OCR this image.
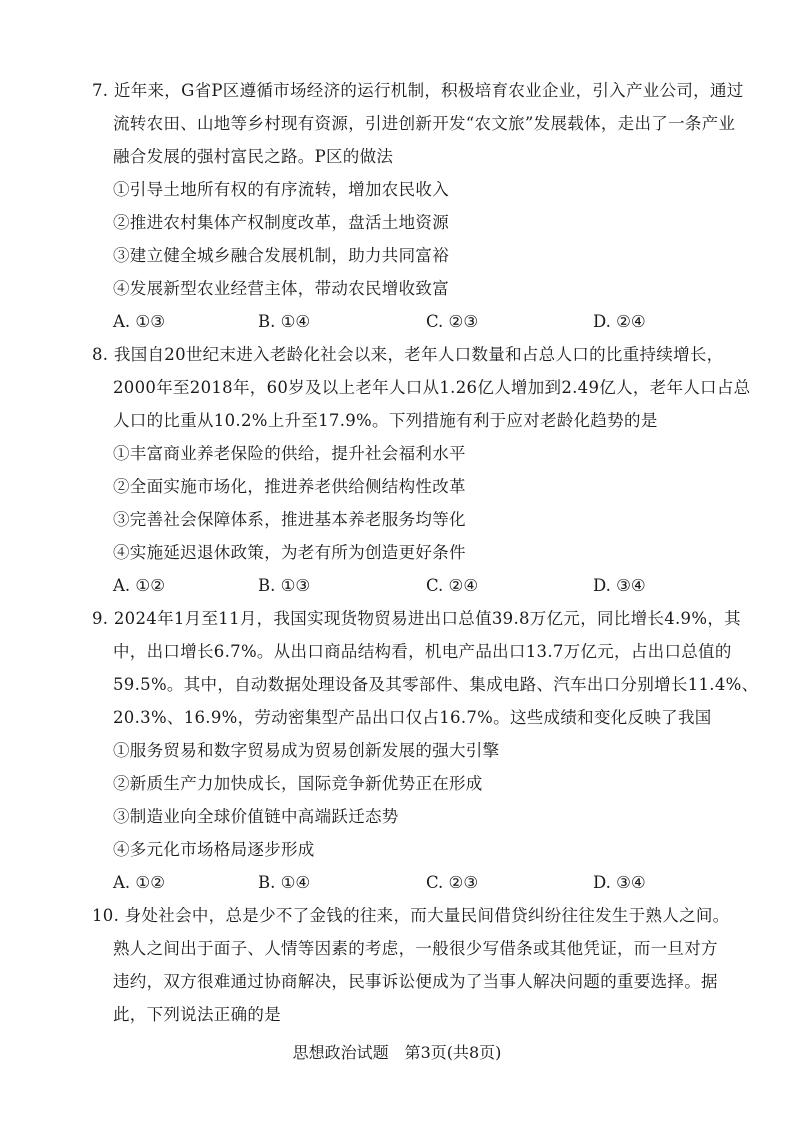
7. 近年来，G省P区遵循市场经济的运行机制，积极培育农业企业，引入产业公司，通过
流转农田、山地等乡村现有资源，引进创新开发“农文旅”发展载体，走出了一条产业
融合发展的强村富民之路。P区的做法
①引导土地所有权的有序流转，增加农民收入
②推进农村集体产权制度改革，盘活土地资源
③建立健全城乡融合发展机制，助力共同富裕
④发展新型农业经营主体，带动农民增收致富
A. ①③	B. ①④	C. ②③	D. ②④
8. 我国自20世纪末进入老龄化社会以来，老年人口数量和占总人口的比重持续增长，
2000年至2018年，60岁及以上老年人口从1.26亿人增加到2.49亿人，老年人口占总
人口的比重从10.2%上升至17.9%。下列措施有利于应对老龄化趋势的是
①丰富商业养老保险的供给，提升社会福利水平
②全面实施市场化，推进养老供给侧结构性改革
③完善社会保障体系，推进基本养老服务均等化
④实施延迟退休政策，为老有所为创造更好条件
A. ①②	B. ①③	C. ②④	D. ③④
9. 2024年1月至11月，我国实现货物贸易进出口总值39.8万亿元，同比增长4.9%，其
中，出口增长6.7%。从出口商品结构看，机电产品出口13.7万亿元，占出口总值的
59.5%。其中，自动数据处理设备及其零部件、集成电路、汽车出口分别增长11.4%、
20.3%、16.9%，劳动密集型产品出口仅占16.7%。这些成绩和变化反映了我国
①服务贸易和数字贸易成为贸易创新发展的强大引擎
②新质生产力加快成长，国际竞争新优势正在形成
③制造业向全球价值链中高端跃迁态势
④多元化市场格局逐步形成
A. ①②	B. ①④	C. ②③	D. ③④
10. 身处社会中，总是少不了金钱的往来，而大量民间借贷纠纷往往发生于熟人之间。
熟人之间出于面子、人情等因素的考虑，一般很少写借条或其他凭证，而一旦对方
违约，双方很难通过协商解决，民事诉讼便成为了当事人解决问题的重要选择。据
此，下列说法正确的是
思想政治试题　第3页(共8页)
